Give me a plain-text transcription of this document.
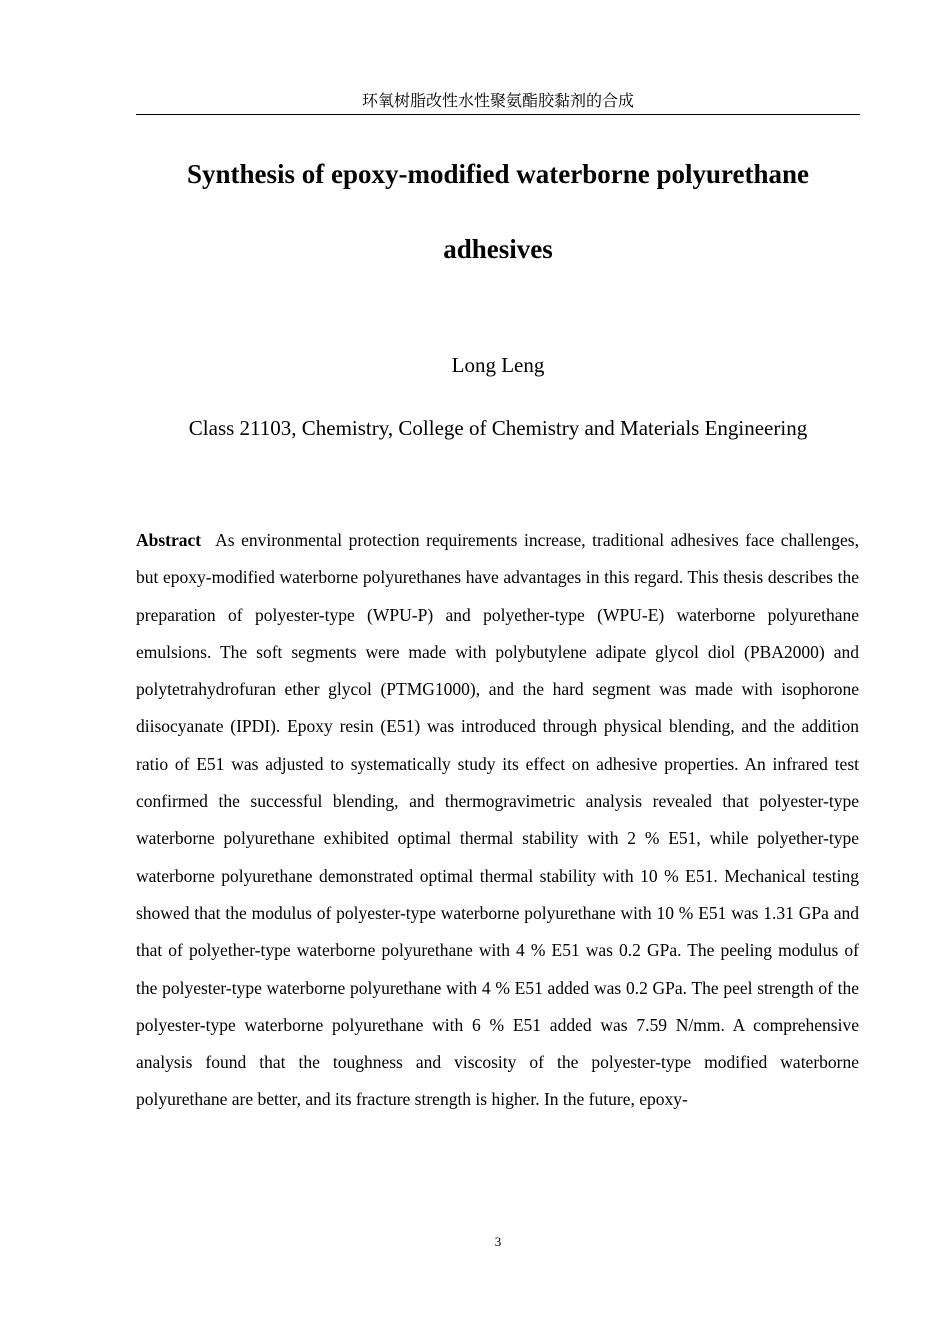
环氧树脂改性水性聚氨酯胶黏剂的合成
Synthesis of epoxy-modified waterborne polyurethane adhesives
Long Leng
Class 21103, Chemistry, College of Chemistry and Materials Engineering

Abstract As environmental protection requirements increase, traditional adhesives face challenges, but epoxy-modified waterborne polyurethanes have advantages in this regard. This thesis describes the preparation of polyester-type (WPU-P) and polyether-type (WPU-E) waterborne polyurethane emulsions. The soft segments were made with polybutylene adipate glycol diol (PBA2000) and polytetrahydrofuran ether glycol (PTMG1000), and the hard segment was made with isophorone diisocyanate (IPDI). Epoxy resin (E51) was introduced through physical blending, and the addition ratio of E51 was adjusted to systematically study its effect on adhesive properties. An infrared test confirmed the successful blending, and thermogravimetric analysis revealed that polyester-type waterborne polyurethane exhibited optimal thermal stability with 2 % E51, while polyether-type waterborne polyurethane demonstrated optimal thermal stability with 10 % E51. Mechanical testing showed that the modulus of polyester-type waterborne polyurethane with 10 % E51 was 1.31 GPa and that of polyether-type waterborne polyurethane with 4 % E51 was 0.2 GPa. The peeling modulus of the polyester-type waterborne polyurethane with 4 % E51 added was 0.2 GPa. The peel strength of the polyester-type waterborne polyurethane with 6 % E51 added was 7.59 N/mm. A comprehensive analysis found that the toughness and viscosity of the polyester-type modified waterborne polyurethane are better, and its fracture strength is higher. In the future, epoxy-

3
